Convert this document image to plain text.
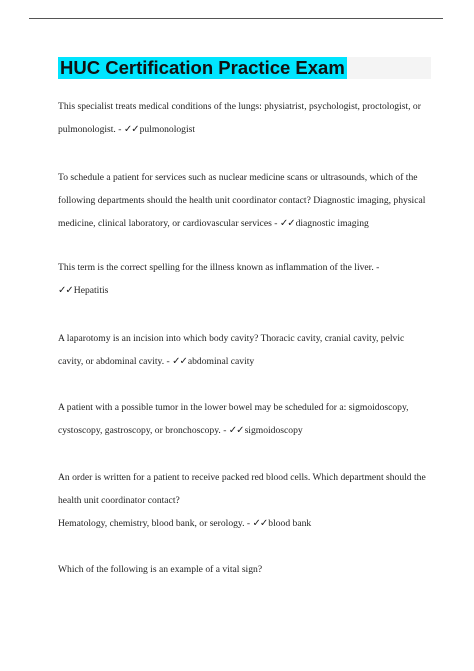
HUC Certification Practice Exam

This specialist treats medical conditions of the lungs: physiatrist, psychologist, proctologist, or

pulmonologist. - ✓✓pulmonologist

To schedule a patient for services such as nuclear medicine scans or ultrasounds, which of the

following departments should the health unit coordinator contact? Diagnostic imaging, physical

medicine, clinical laboratory, or cardiovascular services - ✓✓diagnostic imaging

This term is the correct spelling for the illness known as inflammation of the liver. -

✓✓Hepatitis

A laparotomy is an incision into which body cavity? Thoracic cavity, cranial cavity, pelvic

cavity, or abdominal cavity. - ✓✓abdominal cavity

A patient with a possible tumor in the lower bowel may be scheduled for a: sigmoidoscopy,

cystoscopy, gastroscopy, or bronchoscopy. - ✓✓sigmoidoscopy

An order is written for a patient to receive packed red blood cells. Which department should the

health unit coordinator contact?

Hematology, chemistry, blood bank, or serology. - ✓✓blood bank

Which of the following is an example of a vital sign?
